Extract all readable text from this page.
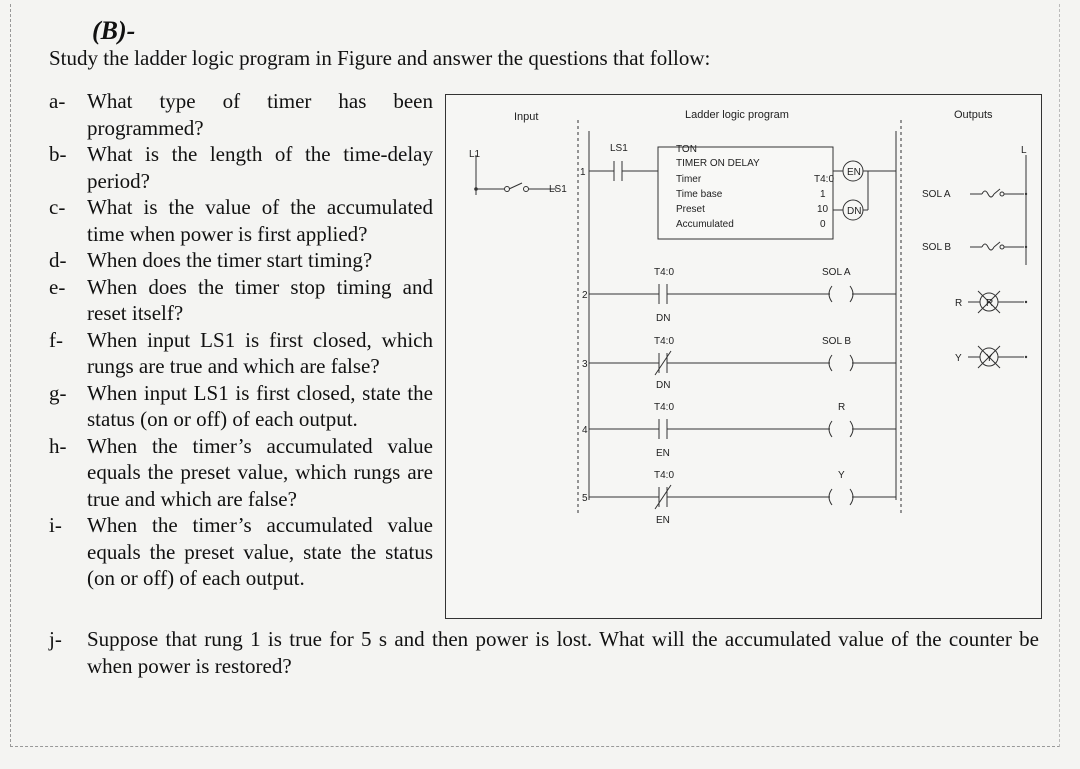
(B)-
Study the ladder logic program in Figure and answer the questions that follow:
a-	What type of timer has been programmed?
b- What is the length of the time-delay period?
c-	What is the value of the accumulated time when power is first applied?
d- When does the timer start timing?
e-	When does the timer stop timing and reset itself?
f-	When input LS1 is first closed, which rungs are true and which are false?
g- When input LS1 is first closed, state the status (on or off) of each output.
h- When the timer’s accumulated value equals the preset value, which rungs are true and which are false?
i-	When the timer’s accumulated value equals the preset value, state the status (on or off) of each output.
j-	Suppose that rung 1 is true for 5 s and then power is lost. What will the accumulated value of the counter be when power is restored?
Input	Ladder logic program	Outputs
L1	L
LS1
1
LS1	TON
TIMER ON DELAY
Timer	T4:0
Time base	1
Preset	10
Accumulated	0
EN
DN
2
T4:0
DN
SOL A
3
T4:0
DN
SOL B
4
T4:0
EN
R
5
T4:0
EN
Y
SOL A
SOL B
R R
Y Y
